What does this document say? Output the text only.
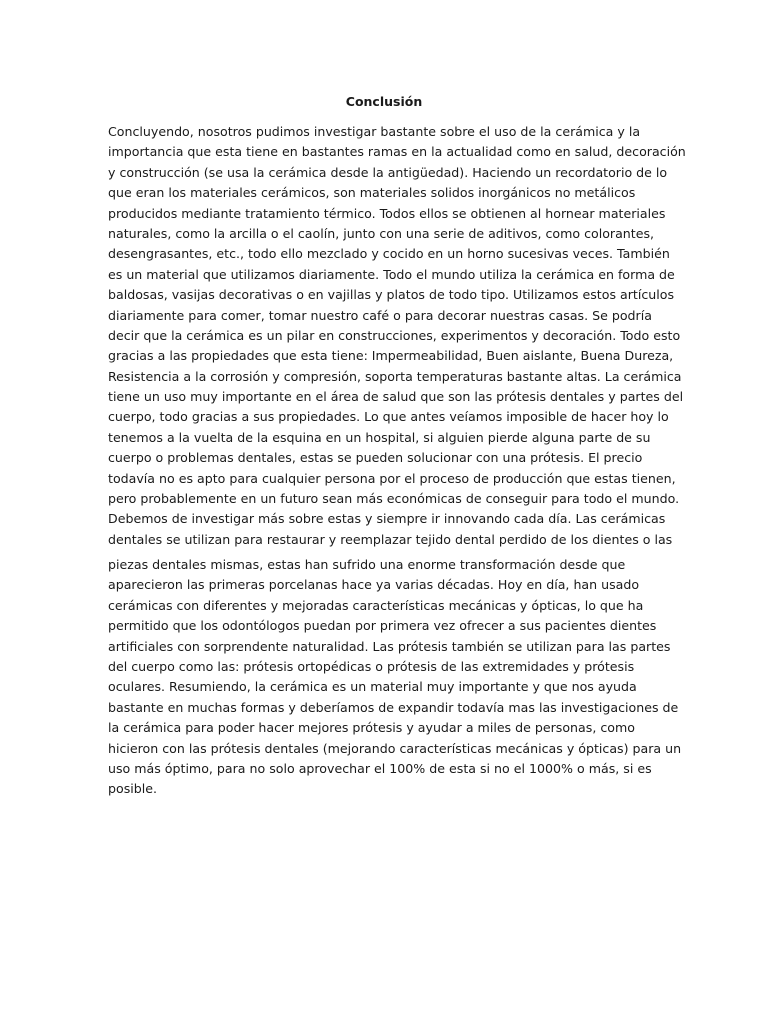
Conclusión
Concluyendo, nosotros pudimos investigar bastante sobre el uso de la cerámica y la
importancia que esta tiene en bastantes ramas en la actualidad como en salud, decoración
y construcción (se usa la cerámica desde la antigüedad). Haciendo un recordatorio de lo
que eran los materiales cerámicos, son materiales solidos inorgánicos no metálicos
producidos mediante tratamiento térmico. Todos ellos se obtienen al hornear materiales
naturales, como la arcilla o el caolín, junto con una serie de aditivos, como colorantes,
desengrasantes, etc., todo ello mezclado y cocido en un horno sucesivas veces. También
es un material que utilizamos diariamente. Todo el mundo utiliza la cerámica en forma de
baldosas, vasijas decorativas o en vajillas y platos de todo tipo. Utilizamos estos artículos
diariamente para comer, tomar nuestro café o para decorar nuestras casas. Se podría
decir que la cerámica es un pilar en construcciones, experimentos y decoración. Todo esto
gracias a las propiedades que esta tiene: Impermeabilidad, Buen aislante, Buena Dureza,
Resistencia a la corrosión y compresión, soporta temperaturas bastante altas. La cerámica
tiene un uso muy importante en el área de salud que son las prótesis dentales y partes del
cuerpo, todo gracias a sus propiedades. Lo que antes veíamos imposible de hacer hoy lo
tenemos a la vuelta de la esquina en un hospital, si alguien pierde alguna parte de su
cuerpo o problemas dentales, estas se pueden solucionar con una prótesis. El precio
todavía no es apto para cualquier persona por el proceso de producción que estas tienen,
pero probablemente en un futuro sean más económicas de conseguir para todo el mundo.
Debemos de investigar más sobre estas y siempre ir innovando cada día. Las cerámicas
dentales se utilizan para restaurar y reemplazar tejido dental perdido de los dientes o las
piezas dentales mismas, estas han sufrido una enorme transformación desde que
aparecieron las primeras porcelanas hace ya varias décadas. Hoy en día, han usado
cerámicas con diferentes y mejoradas características mecánicas y ópticas, lo que ha
permitido que los odontólogos puedan por primera vez ofrecer a sus pacientes dientes
artificiales con sorprendente naturalidad. Las prótesis también se utilizan para las partes
del cuerpo como las: prótesis ortopédicas o prótesis de las extremidades y prótesis
oculares. Resumiendo, la cerámica es un material muy importante y que nos ayuda
bastante en muchas formas y deberíamos de expandir todavía mas las investigaciones de
la cerámica para poder hacer mejores prótesis y ayudar a miles de personas, como
hicieron con las prótesis dentales (mejorando características mecánicas y ópticas) para un
uso más óptimo, para no solo aprovechar el 100% de esta si no el 1000% o más, si es
posible.
